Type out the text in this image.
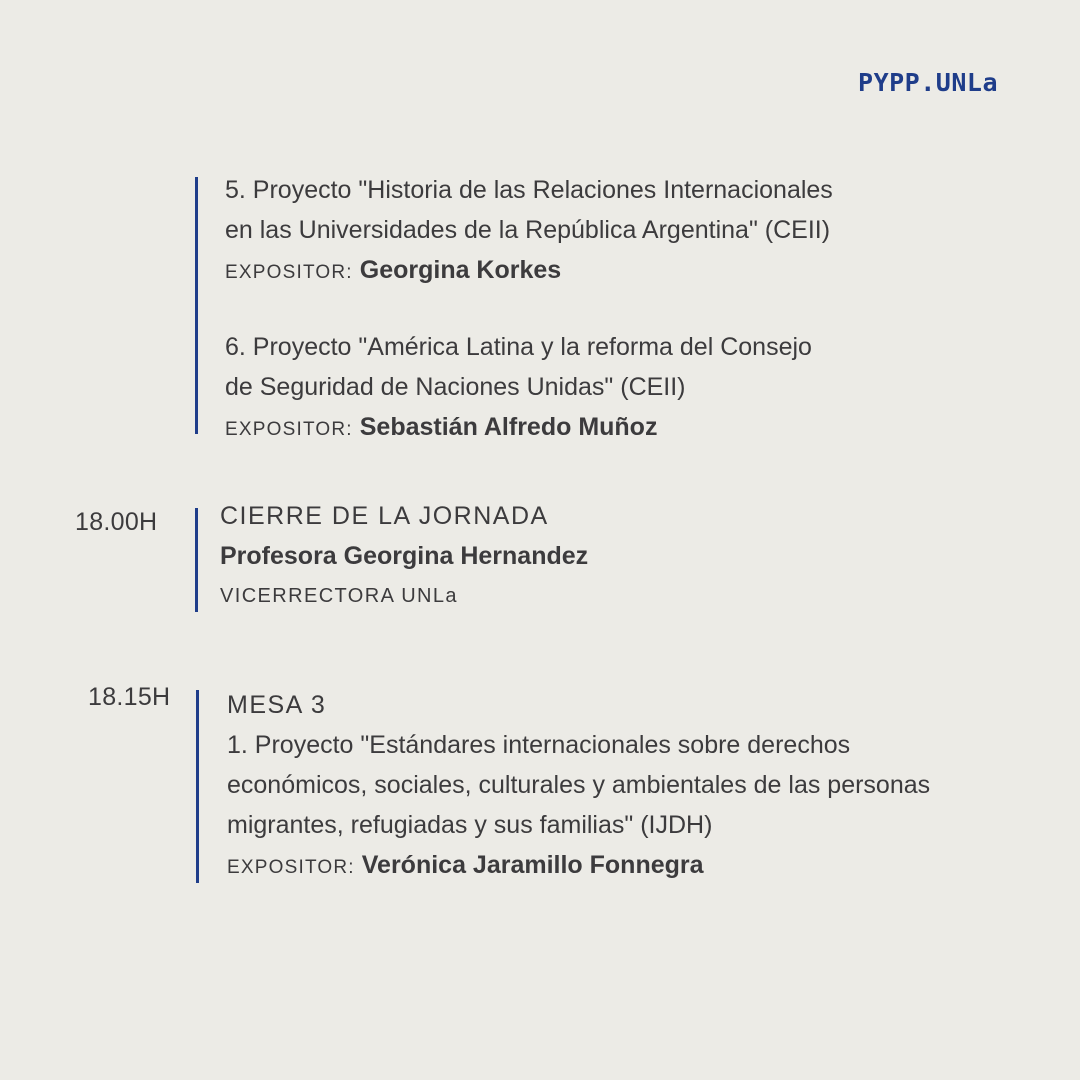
PYPP.UNLa
5. Proyecto "Historia de las Relaciones Internacionales
en las Universidades de la República Argentina" (CEII)
EXPOSITOR: Georgina Korkes
6. Proyecto "América Latina y la reforma del Consejo
de Seguridad de Naciones Unidas" (CEII)
EXPOSITOR: Sebastián Alfredo Muñoz
18.00H	CIERRE DE LA JORNADA
Profesora Georgina Hernandez
VICERRECTORA UNLa
18.15H MESA 3
1. Proyecto "Estándares internacionales sobre derechos
económicos, sociales, culturales y ambientales de las personas
migrantes, refugiadas y sus familias" (IJDH)
EXPOSITOR: Verónica Jaramillo Fonnegra
